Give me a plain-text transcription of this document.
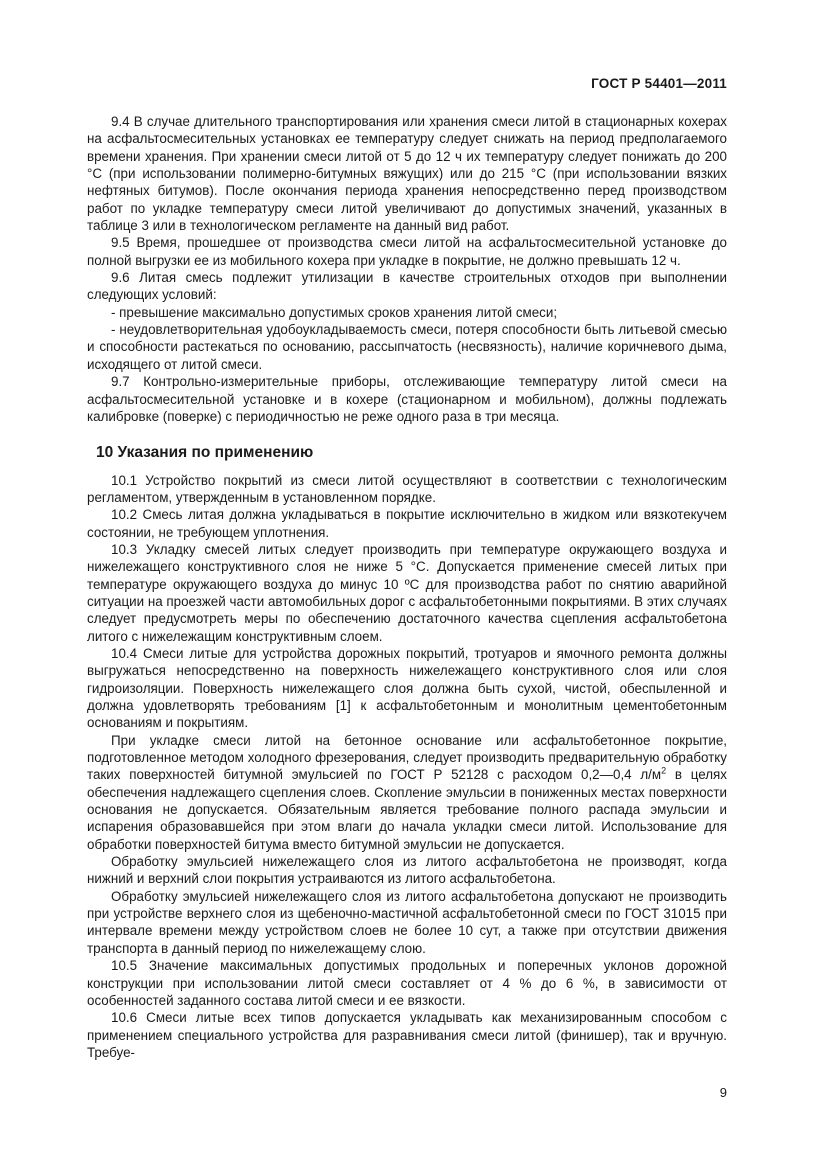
ГОСТ Р 54401—2011

9.4 В случае длительного транспортирования или хранения смеси литой в стационарных кохерах на асфальтосмесительных установках ее температуру следует снижать на период предполагаемого времени хранения. При хранении смеси литой от 5 до 12 ч их температуру следует понижать до 200 °С (при использовании полимерно-битумных вяжущих) или до 215 °С (при использовании вязких нефтяных битумов). После окончания периода хранения непосредственно перед производством работ по укладке температуру смеси литой увеличивают до допустимых значений, указанных в таблице 3 или в технологическом регламенте на данный вид работ.

9.5 Время, прошедшее от производства смеси литой на асфальтосмесительной установке до полной выгрузки ее из мобильного кохера при укладке в покрытие, не должно превышать 12 ч.

9.6 Литая смесь подлежит утилизации в качестве строительных отходов при выполнении следующих условий:

- превышение максимально допустимых сроков хранения литой смеси;

- неудовлетворительная удобоукладываемость смеси, потеря способности быть литьевой смесью и способности растекаться по основанию, рассыпчатость (несвязность), наличие коричневого дыма, исходящего от литой смеси.

9.7 Контрольно-измерительные приборы, отслеживающие температуру литой смеси на асфальтосмесительной установке и в кохере (стационарном и мобильном), должны подлежать калибровке (поверке) с периодичностью не реже одного раза в три месяца.

10 Указания по применению

10.1 Устройство покрытий из смеси литой осуществляют в соответствии с технологическим регламентом, утвержденным в установленном порядке.

10.2 Смесь литая должна укладываться в покрытие исключительно в жидком или вязкотекучем состоянии, не требующем уплотнения.

10.3 Укладку смесей литых следует производить при температуре окружающего воздуха и нижележащего конструктивного слоя не ниже 5 °С. Допускается применение смесей литых при температуре окружающего воздуха до минус 10 ºС для производства работ по снятию аварийной ситуации на проезжей части автомобильных дорог с асфальтобетонными покрытиями. В этих случаях следует предусмотреть меры по обеспечению достаточного качества сцепления асфальтобетона литого с нижележащим конструктивным слоем.

10.4 Смеси литые для устройства дорожных покрытий, тротуаров и ямочного ремонта должны выгружаться непосредственно на поверхность нижележащего конструктивного слоя или слоя гидроизоляции. Поверхность нижележащего слоя должна быть сухой, чистой, обеспыленной и должна удовлетворять требованиям [1] к асфальтобетонным и монолитным цементобетонным основаниям и покрытиям.

При укладке смеси литой на бетонное основание или асфальтобетонное покрытие, подготовленное методом холодного фрезерования, следует производить предварительную обработку таких поверхностей битумной эмульсией по ГОСТ Р 52128 с расходом 0,2—0,4 $л/м^2$ в целях обеспечения надлежащего сцепления слоев. Скопление эмульсии в пониженных местах поверхности основания не допускается. Обязательным является требование полного распада эмульсии и испарения образовавшейся при этом влаги до начала укладки смеси литой. Использование для обработки поверхностей битума вместо битумной эмульсии не допускается.

Обработку эмульсией нижележащего слоя из литого асфальтобетона не производят, когда нижний и верхний слои покрытия устраиваются из литого асфальтобетона.

Обработку эмульсией нижележащего слоя из литого асфальтобетона допускают не производить при устройстве верхнего слоя из щебеночно-мастичной асфальтобетонной смеси по ГОСТ 31015 при интервале времени между устройством слоев не более 10 сут, а также при отсутствии движения транспорта в данный период по нижележащему слою.

10.5 Значение максимальных допустимых продольных и поперечных уклонов дорожной конструкции при использовании литой смеси составляет от 4 % до 6 %, в зависимости от особенностей заданного состава литой смеси и ее вязкости.

10.6 Смеси литые всех типов допускается укладывать как механизированным способом с применением специального устройства для разравнивания смеси литой (финишер), так и вручную. Требуе-

9
